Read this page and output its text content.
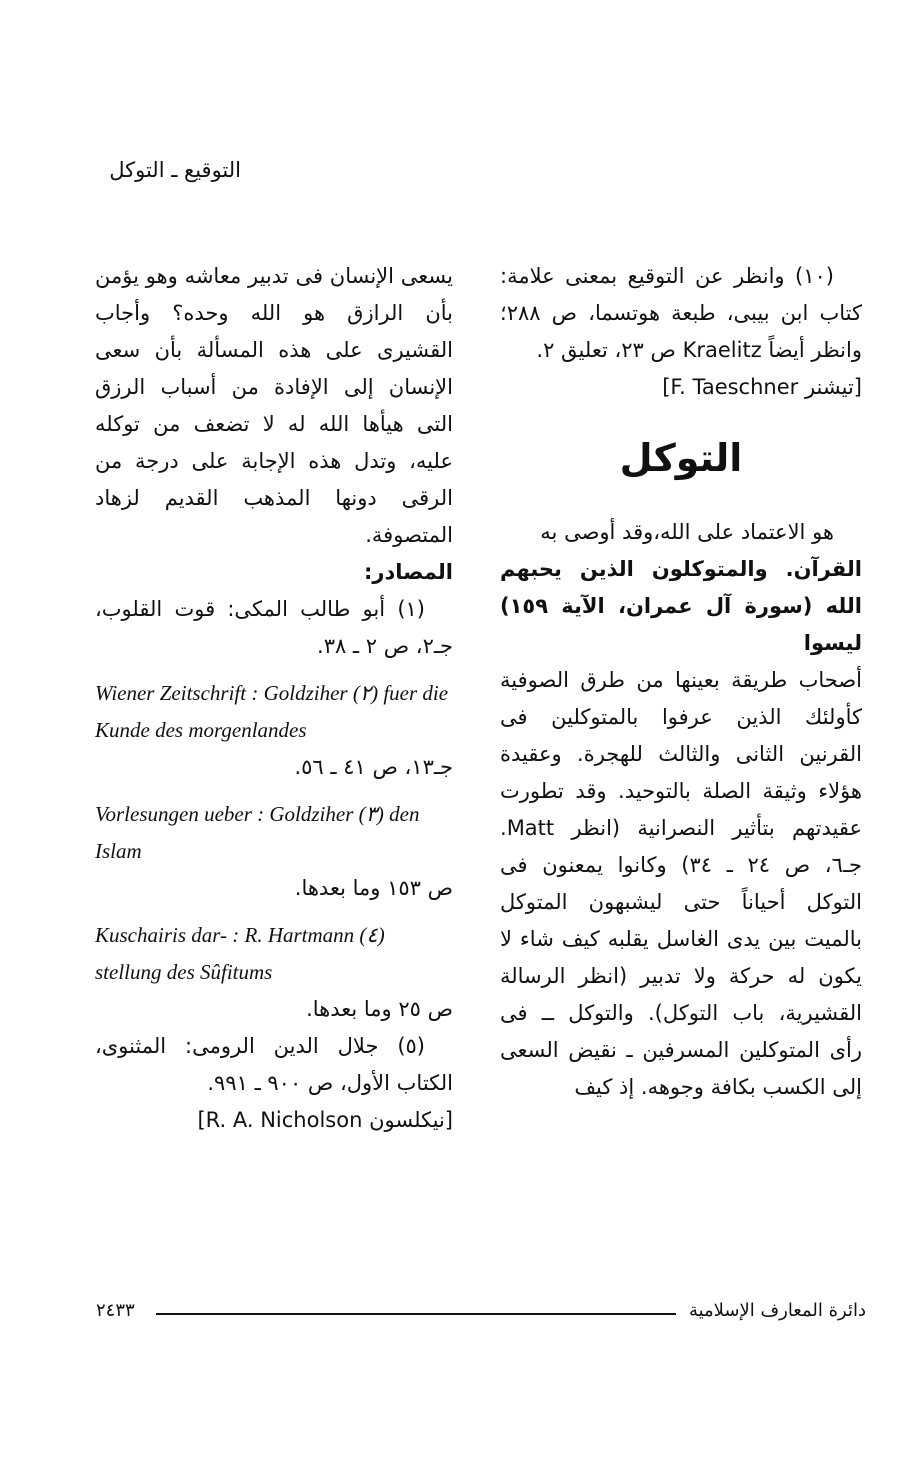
التوقيع ـ التوكل

(١٠) وانظر عن التوقيع بمعنى علامة: كتاب ابن بيبى، طبعة هوتسما، ص ٢٨٨؛ وانظر أيضاً Kraelitz ص ٢٣، تعليق ٢.

[تيشنر F. Taeschner]

التوكل

هو الاعتماد على الله،وقد أوصى به

القرآن. والمتوكلون الذين يحبهم الله (سورة آل عمران، الآية ١٥٩) ليسوا

أصحاب طريقة بعينها من طرق الصوفية كأولئك الذين عرفوا بالمتوكلين فى القرنين الثانى والثالث للهجرة. وعقيدة هؤلاء وثيقة الصلة بالتوحيد. وقد تطورت عقيدتهم بتأثير النصرانية (انظر Matt. جـ٦، ص ٢٤ ـ ٣٤) وكانوا يمعنون فى التوكل أحياناً حتى ليشبهون المتوكل بالميت بين يدى الغاسل يقلبه كيف شاء لا يكون له حركة ولا تدبير (انظر الرسالة القشيرية، باب التوكل). والتوكل ــ فى رأى المتوكلين المسرفين ـ نقيض السعى إلى الكسب بكافة وجوهه. إذ كيف

يسعى الإنسان فى تدبير معاشه وهو يؤمن بأن الرازق هو الله وحده؟ وأجاب القشيرى على هذه المسألة بأن سعى الإنسان إلى الإفادة من أسباب الرزق التى هيأها الله له لا تضعف من توكله عليه، وتدل هذه الإجابة على درجة من الرقى دونها المذهب القديم لزهاد المتصوفة.

المصادر:

(١) أبو طالب المكى: قوت القلوب، جـ٢، ص ٢ ـ ٣٨.

Wiener Zeitschrift : Goldziher (٢) fuer die Kunde des morgenlandes

جـ١٣، ص ٤١ ـ ٥٦.

Vorlesungen ueber : Goldziher (٣) den Islam

ص ١٥٣ وما بعدها.

Kuschairis dar- : R. Hartmann (٤) stellung des Sûfitums

ص ٢٥ وما بعدها.

(٥) جلال الدين الرومى: المثنوى، الكتاب الأول، ص ٩٠٠ ـ ٩٩١.

[نيكلسون R. A. Nicholson]

دائرة المعارف الإسلامية
٢٤٣٣
